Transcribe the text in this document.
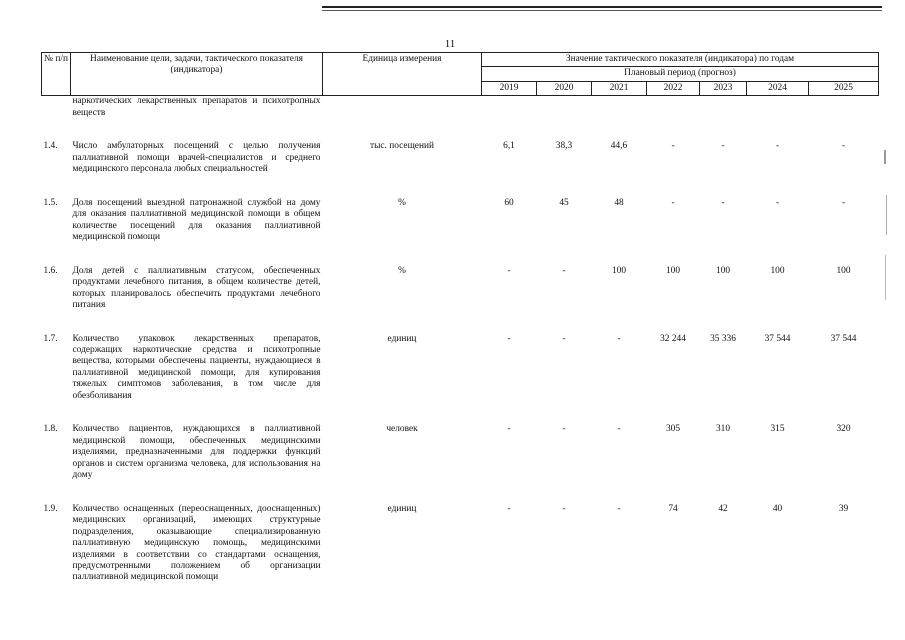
11
№ п/п	Наименование цели, задачи, тактического показателя (индикатора)	Единица измерения	Значение тактического показателя (индикатора) по годам						
			Плановый период (прогноз)						
			2019	2020	2021	2022	2023	2024	2025
	наркотических лекарственных препаратов и психотропных веществ								
1.4.	Число амбулаторных посещений с целью получения паллиативной помощи врачей-специалистов и среднего медицинского персонала любых специальностей	тыс. посещений	6,1	38,3	44,6	-	-	-	-
1.5.	Доля посещений выездной патронажной службой на дому для оказания паллиативной медицинской помощи в общем количестве посещений для оказания паллиативной медицинской помощи	%	60	45	48	-	-	-	-
1.6.	Доля детей с паллиативным статусом, обеспеченных продуктами лечебного питания, в общем количестве детей, которых планировалось обеспечить продуктами лечебного питания	%	-	-	100	100	100	100	100
1.7.	Количество упаковок лекарственных препаратов, содержащих наркотические средства и психотропные вещества, которыми обеспечены пациенты, нуждающиеся в паллиативной медицинской помощи, для купирования тяжелых симптомов заболевания, в том числе для обезболивания	единиц	-	-	-	32 244	35 336	37 544	37 544
1.8.	Количество пациентов, нуждающихся в паллиативной медицинской помощи, обеспеченных медицинскими изделиями, предназначенными для поддержки функций органов и систем организма человека, для использования на дому	человек	-	-	-	305	310	315	320
1.9.	Количество оснащенных (переоснащенных, дооснащенных) медицинских организаций, имеющих структурные подразделения, оказывающие специализированную паллиативную медицинскую помощь, медицинскими изделиями в соответствии со стандартами оснащения, предусмотренными положением об организации паллиативной медицинской помощи	единиц	-	-	-	74	42	40	39
